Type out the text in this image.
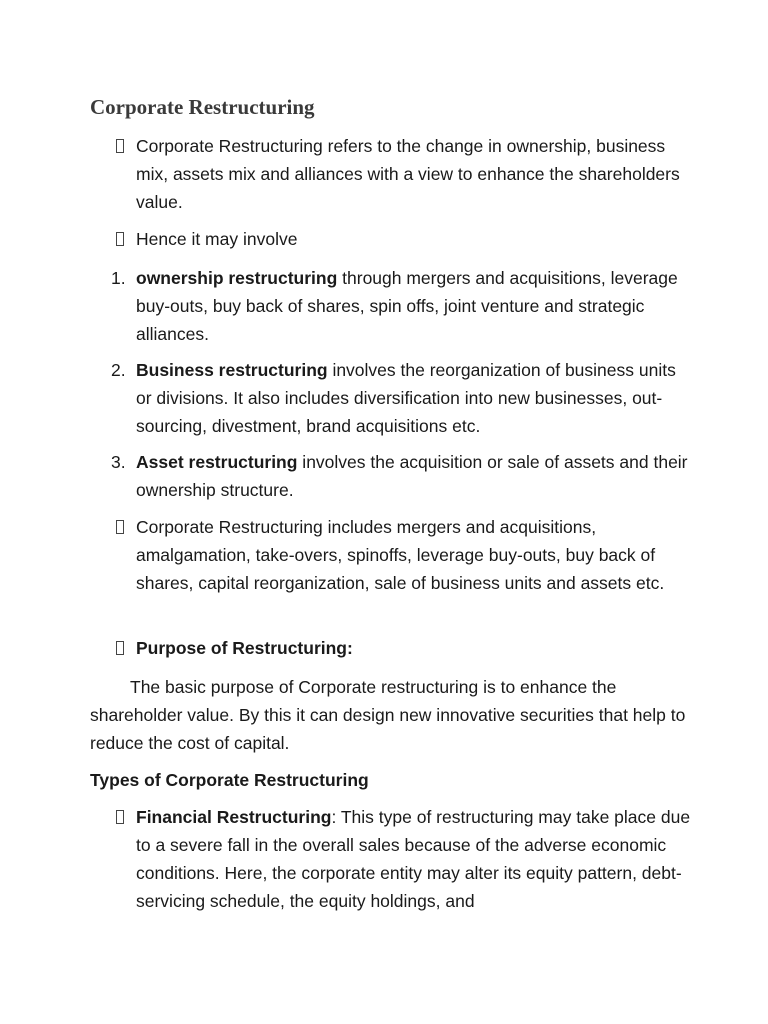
Corporate Restructuring

Corporate Restructuring refers to the change in ownership, business mix, assets mix and alliances with a view to enhance the shareholders value.

Hence it may involve

1. ownership restructuring through mergers and acquisitions, leverage buy-outs, buy back of shares, spin offs, joint venture and strategic alliances.

2. Business restructuring involves the reorganization of business units or divisions. It also includes diversification into new businesses, out-sourcing, divestment, brand acquisitions etc.

3. Asset restructuring involves the acquisition or sale of assets and their ownership structure.

Corporate Restructuring includes mergers and acquisitions, amalgamation, take-overs, spinoffs, leverage buy-outs, buy back of shares, capital reorganization, sale of business units and assets etc.

Purpose of Restructuring:

The basic purpose of Corporate restructuring is to enhance the shareholder value. By this it can design new innovative securities that help to reduce the cost of capital.

Types of Corporate Restructuring

Financial Restructuring: This type of restructuring may take place due to a severe fall in the overall sales because of the adverse economic conditions. Here, the corporate entity may alter its equity pattern, debt-servicing schedule, the equity holdings, and
